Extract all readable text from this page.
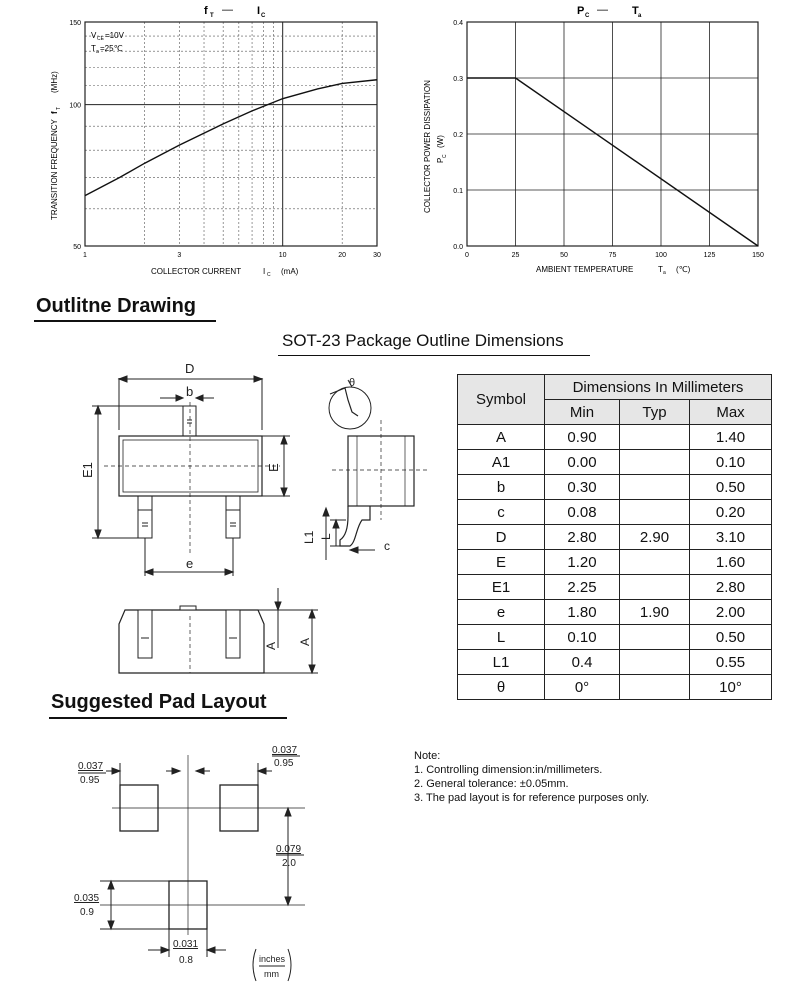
f T — I C
1	3	10	20	30
50
100
150
V CE =10V
T a =25℃
COLLECTOR CURRENT	I C (mA)
TRANSITION FREQUENCY
f
T
(MHz)
P C — T a
0	25	50	75	100	125	150
0.0
0.1
0.2
0.3
0.4
AMBIENT TEMPERATURE	T a (℃)
COLLECTOR POWER DISSIPATION P
C
(W)
Outlitne Drawing
SOT-23 Package Outline Dimensions
D
b
E1	E
e
θ
L1 L
c
A A
Symbol	Dimensions In Millimeters		
	Min	Typ	Max
A	0.90		1.40
A1	0.00		0.10
b	0.30		0.50
c	0.08		0.20
D	2.80	2.90	3.10
E	1.20		1.60
E1	2.25		2.80
e	1.80	1.90	2.00
L	0.10		0.50
L1	0.4		0.55
θ	0°		10°
Suggested Pad Layout
0.037
0.95
0.037
0.95
0.079
2.0
0.035
0.9
0.031
0.8	inches
mm
Note:
1. Controlling dimension:in/millimeters.
2. General tolerance: ±0.05mm.
3. The pad layout is for reference purposes only.
